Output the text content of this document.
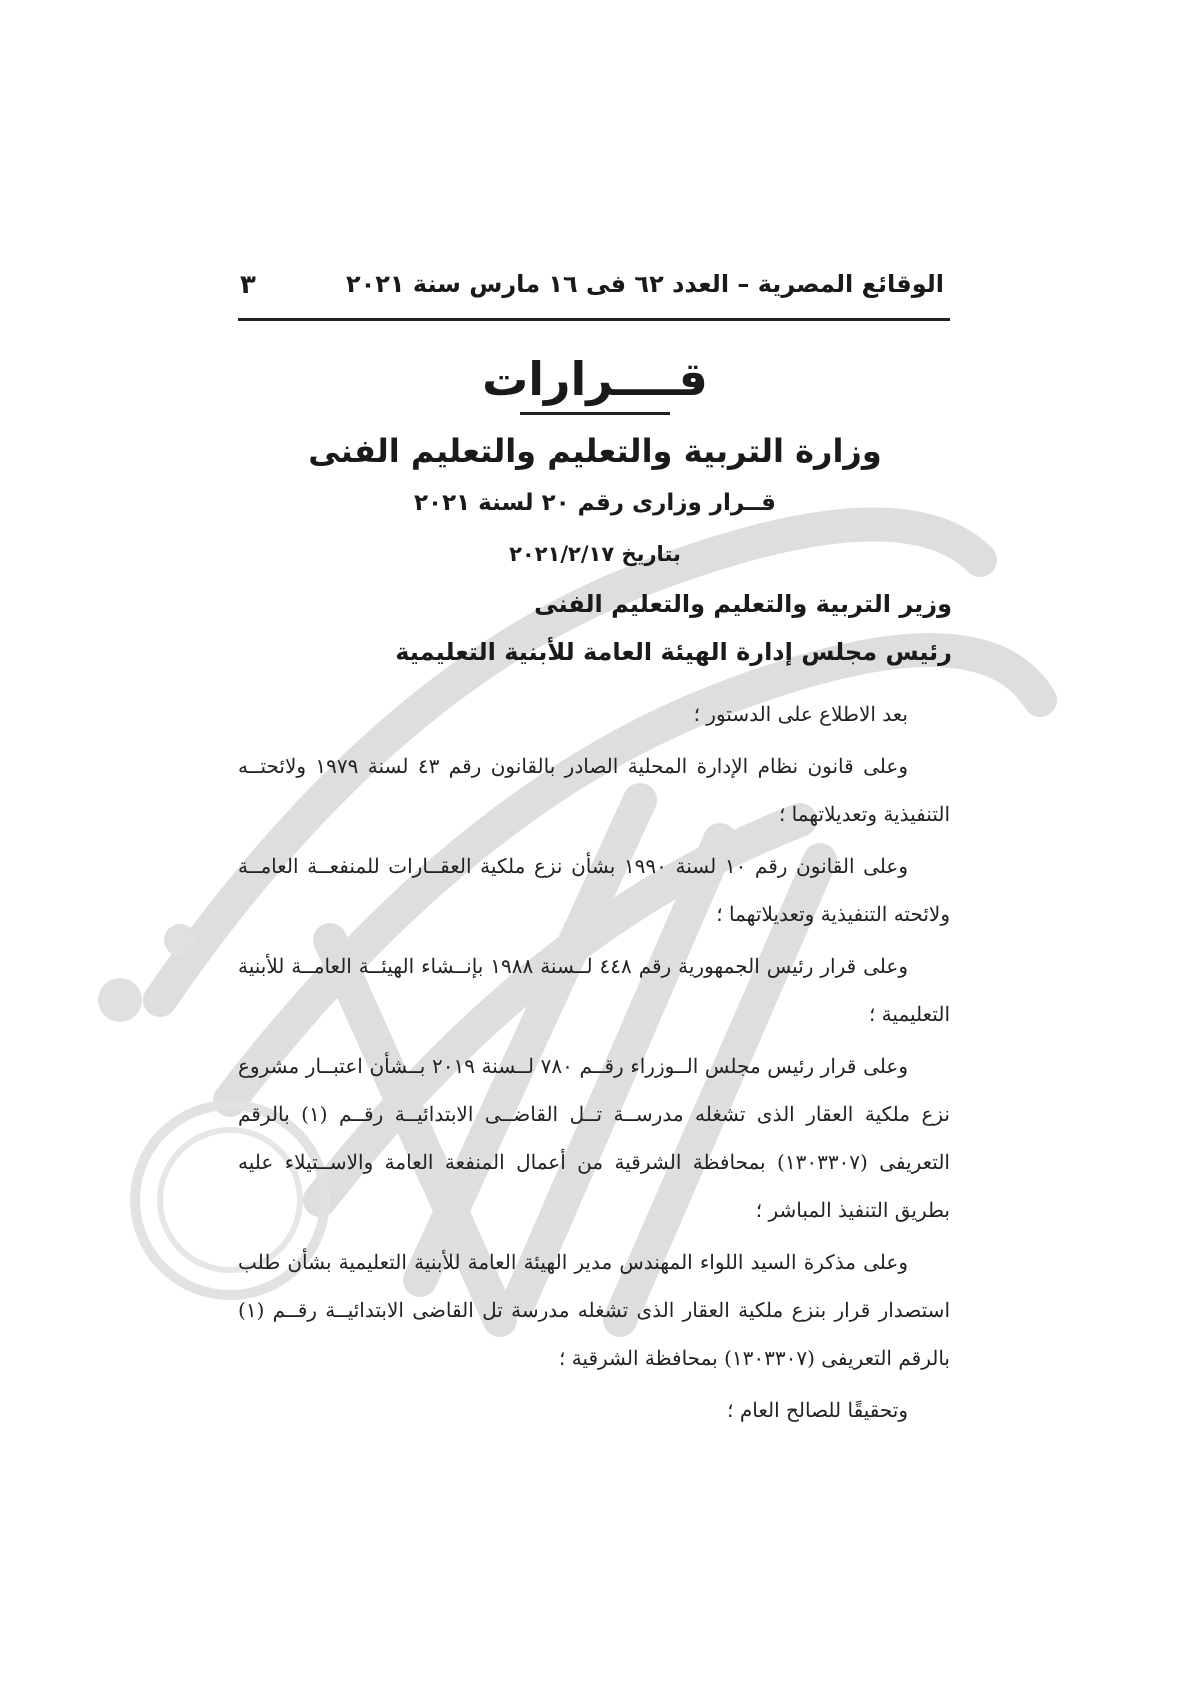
الوقائع المصرية – العدد ٦٢ فى ١٦ مارس سنة ٢٠٢١
٣
قــــرارات
وزارة التربية والتعليم والتعليم الفنى
قــرار وزارى رقم ٢٠ لسنة ٢٠٢١
بتاريخ ٢٠٢١/٢/١٧
وزير التربية والتعليم والتعليم الفنى
رئيس مجلس إدارة الهيئة العامة للأبنية التعليمية

بعد الاطلاع على الدستور ؛

وعلى قانون نظام الإدارة المحلية الصادر بالقانون رقم ٤٣ لسنة ١٩٧٩ ولائحتــه التنفيذية وتعديلاتهما ؛

وعلى القانون رقم ١٠ لسنة ١٩٩٠ بشأن نزع ملكية العقــارات للمنفعــة العامــة ولائحته التنفيذية وتعديلاتهما ؛

وعلى قرار رئيس الجمهورية رقم ٤٤٨ لــسنة ١٩٨٨ بإنــشاء الهيئــة العامــة للأبنية التعليمية ؛

وعلى قرار رئيس مجلس الــوزراء رقــم ٧٨٠ لــسنة ٢٠١٩ بــشأن اعتبــار مشروع نزع ملكية العقار الذى تشغله مدرســة تــل القاضــى الابتدائيــة رقــم (١) بالرقم التعريفى (١٣٠٣٣٠٧) بمحافظة الشرقية من أعمال المنفعة العامة والاســتيلاء عليه بطريق التنفيذ المباشر ؛

وعلى مذكرة السيد اللواء المهندس مدير الهيئة العامة للأبنية التعليمية بشأن طلب استصدار قرار بنزع ملكية العقار الذى تشغله مدرسة تل القاضى الابتدائيــة رقــم (١) بالرقم التعريفى (١٣٠٣٣٠٧) بمحافظة الشرقية ؛

وتحقيقًا للصالح العام ؛
